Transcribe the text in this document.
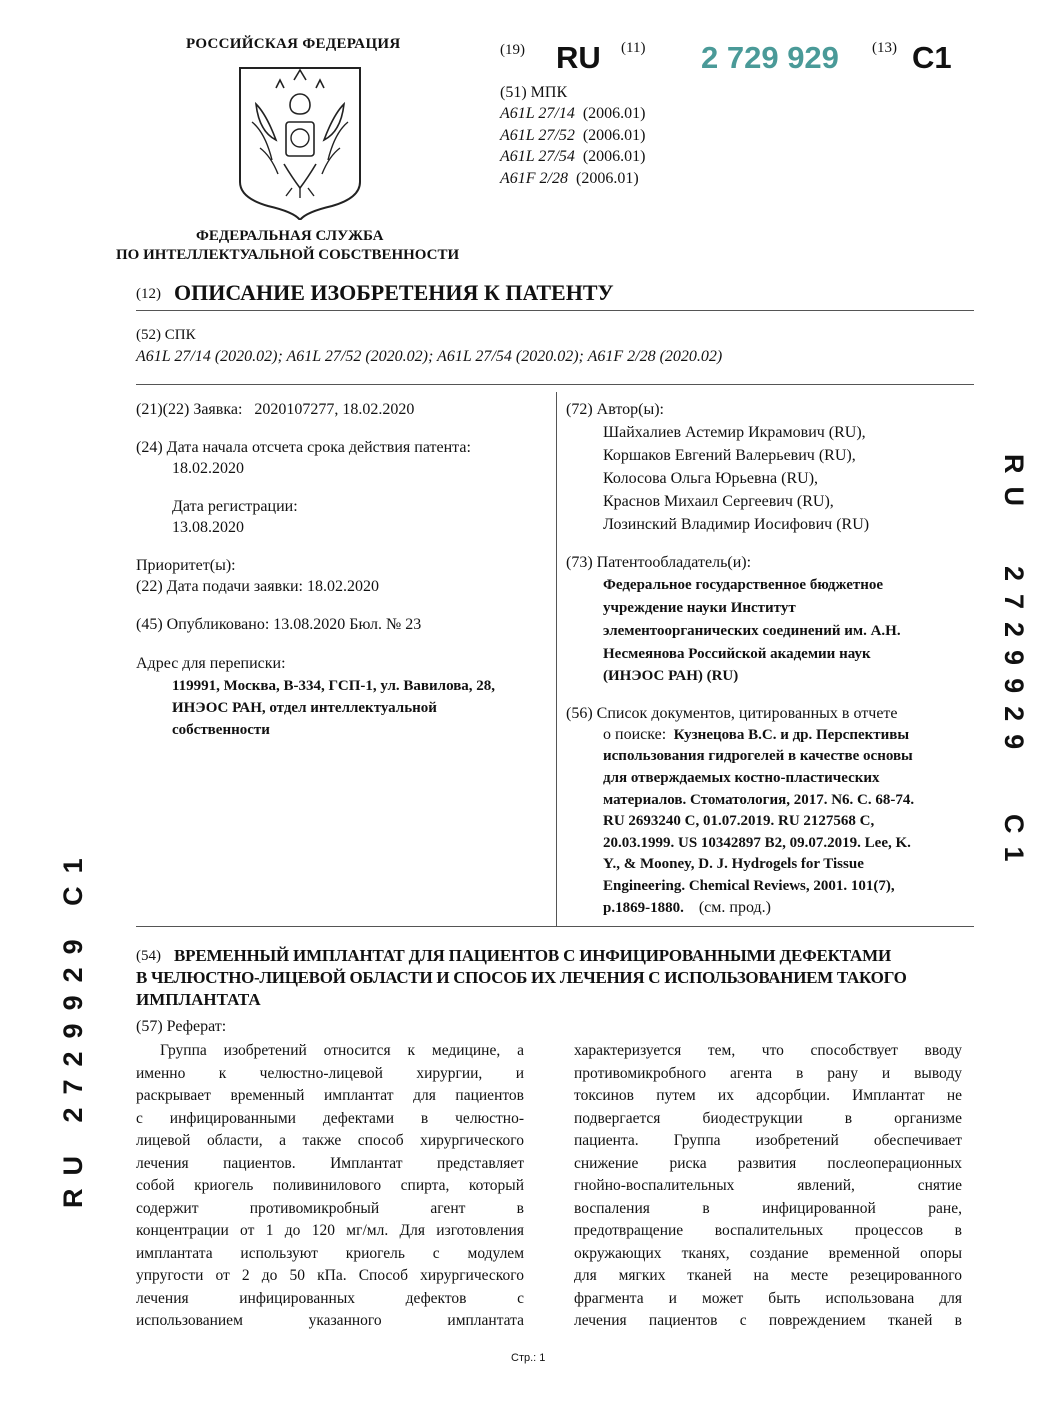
РОССИЙСКАЯ ФЕДЕРАЦИЯ
ФЕДЕРАЛЬНАЯ СЛУЖБА
ПО ИНТЕЛЛЕКТУАЛЬНОЙ СОБСТВЕННОСТИ
(19) RU (11) 2 729 929 (13) C1
(51) МПК
A61L 27/14 (2006.01)
A61L 27/52 (2006.01)
A61L 27/54 (2006.01)
A61F 2/28 (2006.01)
(12) ОПИСАНИЕ ИЗОБРЕТЕНИЯ К ПАТЕНТУ
(52) СПК
A61L 27/14 (2020.02); A61L 27/52 (2020.02); A61L 27/54 (2020.02); A61F 2/28 (2020.02)
(21)(22) Заявка: 2020107277, 18.02.2020
(24) Дата начала отсчета срока действия патента:
18.02.2020
Дата регистрации:
13.08.2020
Приоритет(ы):
(22) Дата подачи заявки: 18.02.2020
(45) Опубликовано: 13.08.2020 Бюл. № 23
Адрес для переписки:
119991, Москва, В-334, ГСП-1, ул. Вавилова, 28,
ИНЭОС РАН, отдел интеллектуальной
собственности
(72) Автор(ы):
Шайхалиев Астемир Икрамович (RU),
Коршаков Евгений Валерьевич (RU),
Колосова Ольга Юрьевна (RU),
Краснов Михаил Сергеевич (RU),
Лозинский Владимир Иосифович (RU)
(73) Патентообладатель(и):
Федеральное государственное бюджетное
учреждение науки Институт
элементоорганических соединений им. А.Н.
Несмеянова Российской академии наук
(ИНЭОС РАН) (RU)
(56) Список документов, цитированных в отчете
о поиске: Кузнецова В.С. и др. Перспективы
использования гидрогелей в качестве основы
для отверждаемых костно-пластических
материалов. Стоматология, 2017. N6. С. 68-74.
RU 2693240 C, 01.07.2019. RU 2127568 C,
20.03.1999. US 10342897 B2, 09.07.2019. Lee, K.
Y., & Mooney, D. J. Hydrogels for Tissue
Engineering. Chemical Reviews, 2001. 101(7),
p.1869-1880. (см. прод.)
(54) ВРЕМЕННЫЙ ИМПЛАНТАТ ДЛЯ ПАЦИЕНТОВ С ИНФИЦИРОВАННЫМИ ДЕФЕКТАМИ
В ЧЕЛЮСТНО-ЛИЦЕВОЙ ОБЛАСТИ И СПОСОБ ИХ ЛЕЧЕНИЯ С ИСПОЛЬЗОВАНИЕМ ТАКОГО
ИМПЛАНТАТА
(57) Реферат:
Группа изобретений относится к медицине, а
именно к челюстно-лицевой хирургии, и
раскрывает временный имплантат для пациентов
с инфицированными дефектами в челюстно-
лицевой области, а также способ хирургического
лечения пациентов. Имплантат представляет
собой криогель поливинилового спирта, который
содержит противомикробный агент в
концентрации от 1 до 120 мг/мл. Для изготовления
имплантата используют криогель с модулем
упругости от 2 до 50 кПа. Способ хирургического
лечения инфицированных дефектов с
использованием указанного имплантата
характеризуется тем, что способствует вводу
противомикробного агента в рану и выводу
токсинов путем их адсорбции. Имплантат не
подвергается биодеструкции в организме
пациента. Группа изобретений обеспечивает
снижение риска развития послеоперационных
гнойно-воспалительных явлений, снятие
воспаления в инфицированной ране,
предотвращение воспалительных процессов в
окружающих тканях, создание временной опоры
для мягких тканей на месте резецированного
фрагмента и может быть использована для
лечения пациентов с повреждением тканей в
Стр.: 1
RU
2729929
C1
RU 2729929 C1
